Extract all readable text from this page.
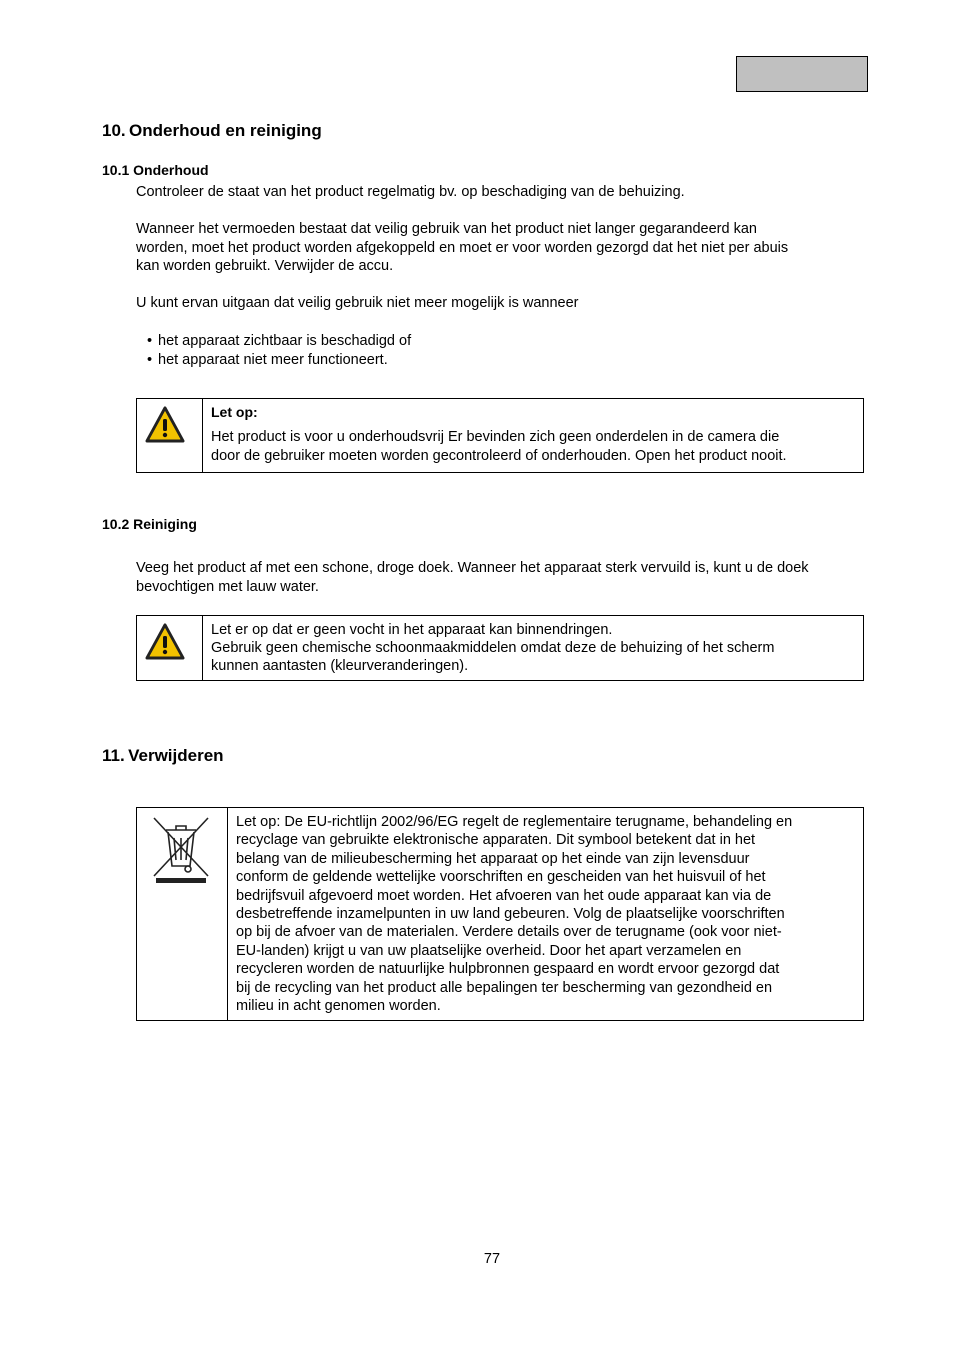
10. Onderhoud en reiniging
10.1 Onderhoud
Controleer de staat van het product regelmatig bv. op beschadiging van de behuizing.
Wanneer het vermoeden bestaat dat veilig gebruik van het product niet langer gegarandeerd kan
worden, moet het product worden afgekoppeld en moet er voor worden gezorgd dat het niet per abuis
kan worden gebruikt. Verwijder de accu.
U kunt ervan uitgaan dat veilig gebruik niet meer mogelijk is wanneer
• het apparaat zichtbaar is beschadigd of
• het apparaat niet meer functioneert.
Let op:
Het product is voor u onderhoudsvrij Er bevinden zich geen onderdelen in de camera die
door de gebruiker moeten worden gecontroleerd of onderhouden. Open het product nooit.
10.2 Reiniging
Veeg het product af met een schone, droge doek. Wanneer het apparaat sterk vervuild is, kunt u de doek
bevochtigen met lauw water.
Let er op dat er geen vocht in het apparaat kan binnendringen.
Gebruik geen chemische schoonmaakmiddelen omdat deze de behuizing of het scherm
kunnen aantasten (kleurveranderingen).
11. Verwijderen
Let op: De EU-richtlijn 2002/96/EG regelt de reglementaire terugname, behandeling en
recyclage van gebruikte elektronische apparaten. Dit symbool betekent dat in het
belang van de milieubescherming het apparaat op het einde van zijn levensduur
conform de geldende wettelijke voorschriften en gescheiden van het huisvuil of het
bedrijfsvuil afgevoerd moet worden. Het afvoeren van het oude apparaat kan via de
desbetreffende inzamelpunten in uw land gebeuren. Volg de plaatselijke voorschriften
op bij de afvoer van de materialen. Verdere details over de terugname (ook voor niet-
EU-landen) krijgt u van uw plaatselijke overheid. Door het apart verzamelen en
recycleren worden de natuurlijke hulpbronnen gespaard en wordt ervoor gezorgd dat
bij de recycling van het product alle bepalingen ter bescherming van gezondheid en
milieu in acht genomen worden.
77
